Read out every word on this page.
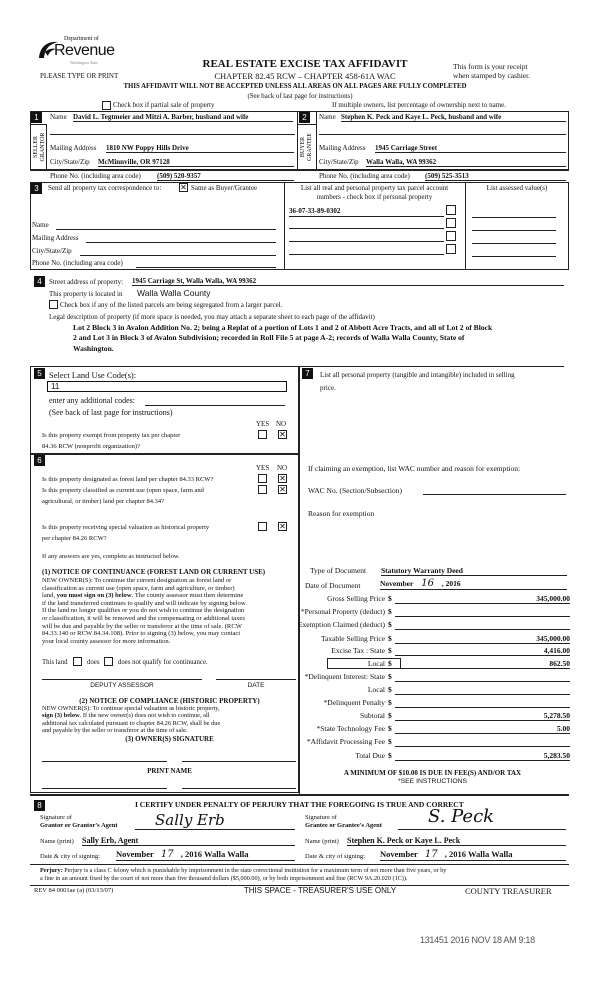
Department of
Revenue
Washington State
PLEASE TYPE OR PRINT
REAL ESTATE EXCISE TAX AFFIDAVIT
CHAPTER 82.45 RCW – CHAPTER 458-61A WAC
This form is your receipt
when stamped by cashier.
THIS AFFIDAVIT WILL NOT BE ACCEPTED UNLESS ALL AREAS ON ALL PAGES ARE FULLY COMPLETED
(See back of last page for instructions)
Check box if partial sale of property	If multiple owners, list percentage of ownership next to name.
1
SELLER GRANTOR
Name David L. Tegtmeier and Mitzi A. Barber, husband and wife
Mailing Address 1810 NW Poppy Hills Drive
City/State/Zip McMinnville, OR 97128
Phone No. (including area code) (509) 520-9357
2
BUYER GRANTEE
Name Stephen K. Peck and Kaye L. Peck, husband and wife
Mailing Address 1945 Carriage Street
City/State/Zip Walla Walla, WA 99362
Phone No. (including area code) (509) 525-3513
3	Send all property tax correspondence to: ✕	Same as Buyer/Grantee
Name
Mailing Address
City/State/Zip
Phone No. (including area code)
List all real and personal property tax parcel account
numbers - check box if personal property
36-07-33-89-0302
List assessed value(s)
4	Street address of property: 1945 Carriage St, Walla Walla, WA 99362
This property is located in Walla Walla County
Check box if any of the listed parcels are being segregated from a larger parcel.
Legal description of property (if more space is needed, you may attach a separate sheet to each page of the affidavit)
Lot 2 Block 3 in Avalon Addition No. 2; being a Replat of a portion of Lots 1 and 2 of Abbott Acre Tracts, and all of Lot 2 of Block
2 and Lot 3 in Block 3 of Avalon Subdivision; recorded in Roll File 5 at page A-2; records of Walla Walla County, State of
Washington.
5 Select Land Use Code(s):
11
enter any additional codes:
(See back of last page for instructions)
YES NO
Is this property exempt from property tax per chapter
84.36 RCW (nonprofit organization)?
✕
6
YES NO
Is this property designated as forest land per chapter 84.33 RCW?
✕
Is this property classified as current use (open space, farm and
agricultural, or timber) land per chapter 84.34?
✕
Is this property receiving special valuation as historical property
per chapter 84.26 RCW?
✕
If any answers are yes, complete as instructed below.
(1) NOTICE OF CONTINUANCE (FOREST LAND OR CURRENT USE)
NEW OWNER(S): To continue the current designation as forest land or
classification as current use (open space, farm and agriculture, or timber)
land, you must sign on (3) below. The county assessor must then determine
if the land transferred continues to qualify and will indicate by signing below.
If the land no longer qualifies or you do not wish to continue the designation
or classification, it will be removed and the compensating or additional taxes
will be due and payable by the seller or transferor at the time of sale. (RCW
84.33.140 or RCW 84.34.108). Prior to signing (3) below, you may contact
your local county assessor for more information.
This land	does	does not qualify for continuance.
DEPUTY ASSESSOR	DATE
(2) NOTICE OF COMPLIANCE (HISTORIC PROPERTY)
NEW OWNER(S): To continue special valuation as historic property,
sign (3) below. If the new owner(s) does not wish to continue, all
additional tax calculated pursuant to chapter 84.26 RCW, shall be due
and payable by the seller or transferor at the time of sale.
(3) OWNER(S) SIGNATURE
PRINT NAME
7	List all personal property (tangible and intangible) included in selling
price.
If claiming an exemption, list WAC number and reason for exemption:
WAC No. (Section/Subsection)
Reason for exemption
Type of Document Statutory Warranty Deed
Date of Document	November 16 , 2016
Gross Selling Price $	345,000.00
*Personal Property (deduct) $
Exemption Claimed (deduct) $
Taxable Selling Price $	345,000.00
Excise Tax : State $	4,416.00
Local $	862.50
*Delinquent Interest: State $
Local $
*Delinquent Penalty $
Subtotal $	5,278.50
*State Technology Fee $	5.00
*Affidavit Processing Fee $
Total Due $	5,283.50
A MINIMUM OF $10.00 IS DUE IN FEE(S) AND/OR TAX
*SEE INSTRUCTIONS
8	I CERTIFY UNDER PENALTY OF PERJURY THAT THE FOREGOING IS TRUE AND CORRECT
Signature of
Grantor or Grantor's Agent	Sally Erb
Name (print) Sally Erb, Agent
Date & city of signing: November 17 , 2016 Walla Walla
Signature of
Grantee or Grantee's Agent	S. Peck
Name (print) Stephen K. Peck or Kaye L. Peck
Date & city of signing: November 17 , 2016 Walla Walla
Perjury: Perjury is a class C felony which is punishable by imprisonment in the state correctional institution for a maximum term of not more than five years, or by
a fine in an amount fixed by the court of not more than five thousand dollars ($5,000.00), or by both imprisonment and fine (RCW 9A.20.020 (1C)).
REV 84 0001ae (a) (03/13/07)	THIS SPACE - TREASURER'S USE ONLY	COUNTY TREASURER
131451 2016 NOV 18 AM 9:18
